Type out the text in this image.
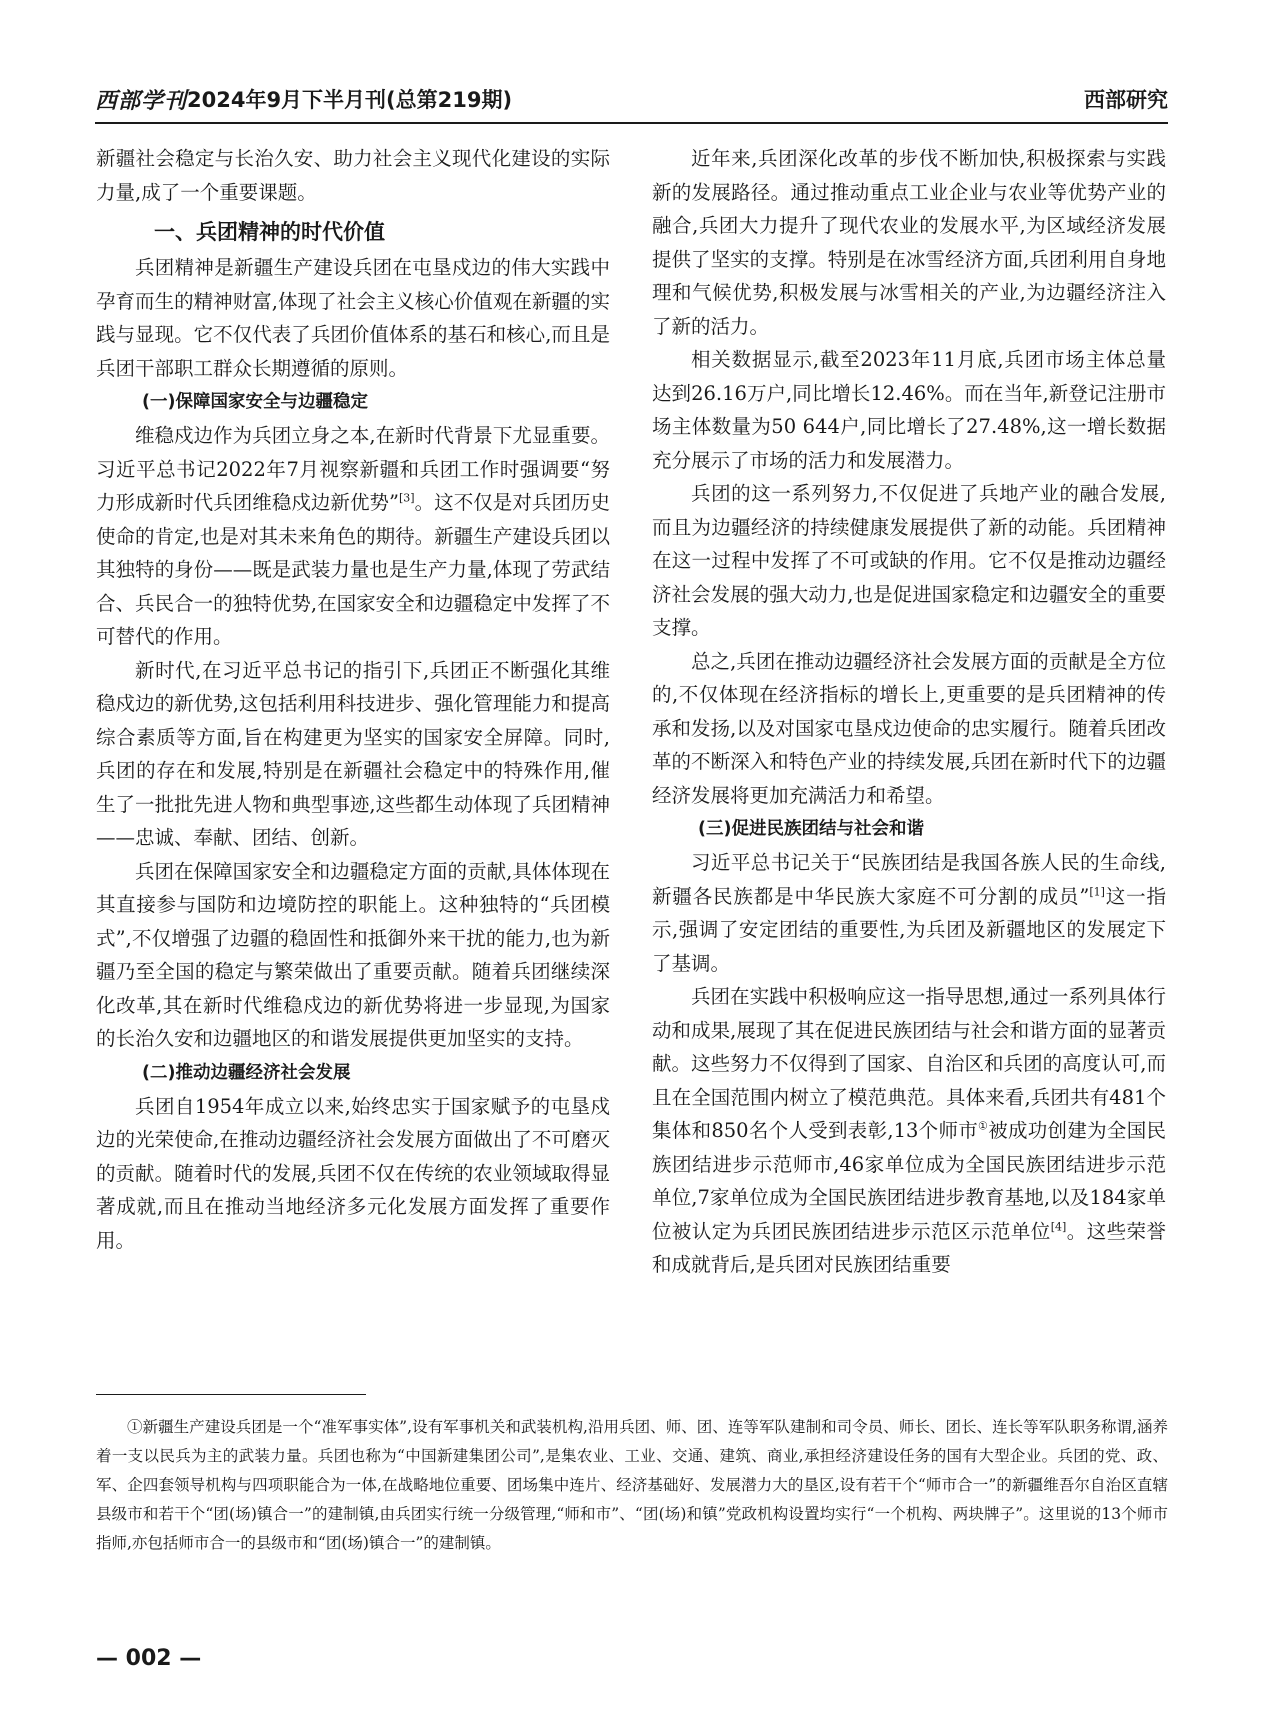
西部学刊 2024年9月下半月刊(总第219期)	西部研究

新疆社会稳定与长治久安、助力社会主义现代化建设的实际力量,成了一个重要课题。

一、兵团精神的时代价值

兵团精神是新疆生产建设兵团在屯垦戍边的伟大实践中孕育而生的精神财富,体现了社会主义核心价值观在新疆的实践与显现。它不仅代表了兵团价值体系的基石和核心,而且是兵团干部职工群众长期遵循的原则。

(一)保障国家安全与边疆稳定

维稳戍边作为兵团立身之本,在新时代背景下尤显重要。习近平总书记2022年7月视察新疆和兵团工作时强调要“努力形成新时代兵团维稳戍边新优势”[3]。这不仅是对兵团历史使命的肯定,也是对其未来角色的期待。新疆生产建设兵团以其独特的身份——既是武装力量也是生产力量,体现了劳武结合、兵民合一的独特优势,在国家安全和边疆稳定中发挥了不可替代的作用。

新时代,在习近平总书记的指引下,兵团正不断强化其维稳戍边的新优势,这包括利用科技进步、强化管理能力和提高综合素质等方面,旨在构建更为坚实的国家安全屏障。同时,兵团的存在和发展,特别是在新疆社会稳定中的特殊作用,催生了一批批先进人物和典型事迹,这些都生动体现了兵团精神——忠诚、奉献、团结、创新。

兵团在保障国家安全和边疆稳定方面的贡献,具体体现在其直接参与国防和边境防控的职能上。这种独特的“兵团模式”,不仅增强了边疆的稳固性和抵御外来干扰的能力,也为新疆乃至全国的稳定与繁荣做出了重要贡献。随着兵团继续深化改革,其在新时代维稳戍边的新优势将进一步显现,为国家的长治久安和边疆地区的和谐发展提供更加坚实的支持。

(二)推动边疆经济社会发展

兵团自1954年成立以来,始终忠实于国家赋予的屯垦戍边的光荣使命,在推动边疆经济社会发展方面做出了不可磨灭的贡献。随着时代的发展,兵团不仅在传统的农业领域取得显著成就,而且在推动当地经济多元化发展方面发挥了重要作用。

近年来,兵团深化改革的步伐不断加快,积极探索与实践新的发展路径。通过推动重点工业企业与农业等优势产业的融合,兵团大力提升了现代农业的发展水平,为区域经济发展提供了坚实的支撑。特别是在冰雪经济方面,兵团利用自身地理和气候优势,积极发展与冰雪相关的产业,为边疆经济注入了新的活力。

相关数据显示,截至2023年11月底,兵团市场主体总量达到26.16万户,同比增长12.46%。而在当年,新登记注册市场主体数量为50 644户,同比增长了27.48%,这一增长数据充分展示了市场的活力和发展潜力。

兵团的这一系列努力,不仅促进了兵地产业的融合发展,而且为边疆经济的持续健康发展提供了新的动能。兵团精神在这一过程中发挥了不可或缺的作用。它不仅是推动边疆经济社会发展的强大动力,也是促进国家稳定和边疆安全的重要支撑。

总之,兵团在推动边疆经济社会发展方面的贡献是全方位的,不仅体现在经济指标的增长上,更重要的是兵团精神的传承和发扬,以及对国家屯垦戍边使命的忠实履行。随着兵团改革的不断深入和特色产业的持续发展,兵团在新时代下的边疆经济发展将更加充满活力和希望。

(三)促进民族团结与社会和谐

习近平总书记关于“民族团结是我国各族人民的生命线,新疆各民族都是中华民族大家庭不可分割的成员”[1]这一指示,强调了安定团结的重要性,为兵团及新疆地区的发展定下了基调。

兵团在实践中积极响应这一指导思想,通过一系列具体行动和成果,展现了其在促进民族团结与社会和谐方面的显著贡献。这些努力不仅得到了国家、自治区和兵团的高度认可,而且在全国范围内树立了模范典范。具体来看,兵团共有481个集体和850名个人受到表彰,13个师市①被成功创建为全国民族团结进步示范师市,46家单位成为全国民族团结进步示范单位,7家单位成为全国民族团结进步教育基地,以及184家单位被认定为兵团民族团结进步示范区示范单位[4]。这些荣誉和成就背后,是兵团对民族团结重要

①新疆生产建设兵团是一个“准军事实体”,设有军事机关和武装机构,沿用兵团、师、团、连等军队建制和司令员、师长、团长、连长等军队职务称谓,涵养着一支以民兵为主的武装力量。兵团也称为“中国新建集团公司”,是集农业、工业、交通、建筑、商业,承担经济建设任务的国有大型企业。兵团的党、政、军、企四套领导机构与四项职能合为一体,在战略地位重要、团场集中连片、经济基础好、发展潜力大的垦区,设有若干个“师市合一”的新疆维吾尔自治区直辖县级市和若干个“团(场)镇合一”的建制镇,由兵团实行统一分级管理,“师和市”、“团(场)和镇”党政机构设置均实行“一个机构、两块牌子”。这里说的13个师市指师,亦包括师市合一的县级市和“团(场)镇合一”的建制镇。

— 002 —
